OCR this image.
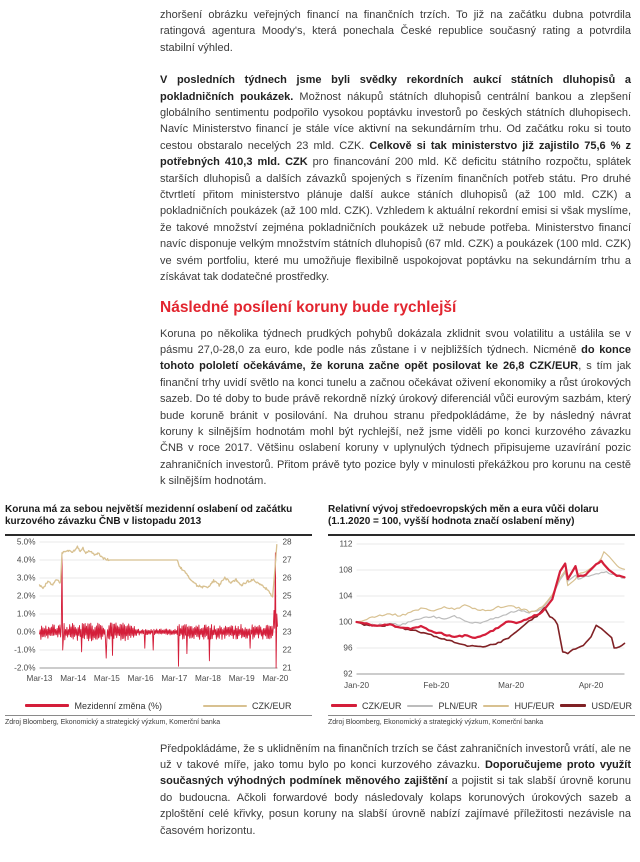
zhoršení obrázku veřejných financí na finančních trzích. To již na začátku dubna potvrdila ratingová agentura Moody's, která ponechala České republice současný rating a potvrdila stabilní výhled.

V posledních týdnech jsme byli svědky rekordních aukcí státních dluhopisů a pokladničních poukázek. Možnost nákupů státních dluhopisů centrální bankou a zlepšení globálního sentimentu podpořilo vysokou poptávku investorů po českých státních dluhopisech. Navíc Ministerstvo financí je stále více aktivní na sekundárním trhu. Od začátku roku si touto cestou obstaralo necelých 23 mld. CZK. Celkově si tak ministerstvo již zajistilo 75,6 % z potřebných 410,3 mld. CZK pro financování 200 mld. Kč deficitu státního rozpočtu, splátek starších dluhopisů a dalších závazků spojených s řízením finančních potřeb státu. Pro druhé čtvrtletí přitom ministerstvo plánuje další aukce stáních dluhopisů (až 100 mld. CZK) a pokladničních poukázek (až 100 mld. CZK). Vzhledem k aktuální rekordní emisi si však myslíme, že takové množství zejména pokladničních poukázek už nebude potřeba. Ministerstvo financí navíc disponuje velkým množstvím státních dluhopisů (67 mld. CZK) a poukázek (100 mld. CZK) ve svém portfoliu, které mu umožňuje flexibilně uspokojovat poptávku na sekundárním trhu a získávat tak dodatečné prostředky.

Následné posílení koruny bude rychlejší

Koruna po několika týdnech prudkých pohybů dokázala zklidnit svou volatilitu a ustálila se v pásmu 27,0-28,0 za euro, kde podle nás zůstane i v nejbližších týdnech. Nicméně do konce tohoto pololetí očekáváme, že koruna začne opět posilovat ke 26,8 CZK/EUR, s tím jak finanční trhy uvidí světlo na konci tunelu a začnou očekávat oživení ekonomiky a růst úrokových sazeb. Do té doby to bude právě rekordně nízký úrokový diferenciál vůči eurovým sazbám, který bude koruně bránit v posilování. Na druhou stranu předpokládáme, že by následný návrat koruny k silnějším hodnotám mohl být rychlejší, než jsme viděli po konci kurzového závazku ČNB v roce 2017. Většinu oslabení koruny v uplynulých týdnech připisujeme uzavírání pozic zahraničních investorů. Přitom právě tyto pozice byly v minulosti překážkou pro korunu na cestě k silnějším hodnotám.

Koruna má za sebou největší mezidenní oslabení od začátku kurzového závazku ČNB v listopadu 2013
5.0%
4.0%
3.0%
2.0%
1.0%
0.0%
-1.0%
-2.0%
28
27
26
25
24
23
22
21
Mar-13 Mar-14 Mar-15 Mar-16 Mar-17 Mar-18 Mar-19 Mar-20
Mezidenní změna (%)	CZK/EUR
Zdroj Bloomberg, Ekonomický a strategický výzkum, Komerční banka
Relativní vývoj středoevropských měn a eura vůči dolaru
(1.1.2020 = 100, vyšší hodnota značí oslabení měny)
112
108
104
100
96
92
Jan-20	Feb-20	Mar-20	Apr-20
CZK/EUR	PLN/EUR	HUF/EUR	USD/EUR
Zdroj Bloomberg, Ekonomický a strategický výzkum, Komerční banka

Předpokládáme, že s uklidněním na finančních trzích se část zahraničních investorů vrátí, ale ne už v takové míře, jako tomu bylo po konci kurzového závazku. Doporučujeme proto využít současných výhodných podmínek měnového zajištění a pojistit si tak slabší úrovně korunu do budoucna. Ačkoli forwardové body následovaly kolaps korunových úrokových sazeb a zploštění celé křivky, posun koruny na slabší úrovně nabízí zajímavé příležitosti nezávisle na časovém horizontu.
